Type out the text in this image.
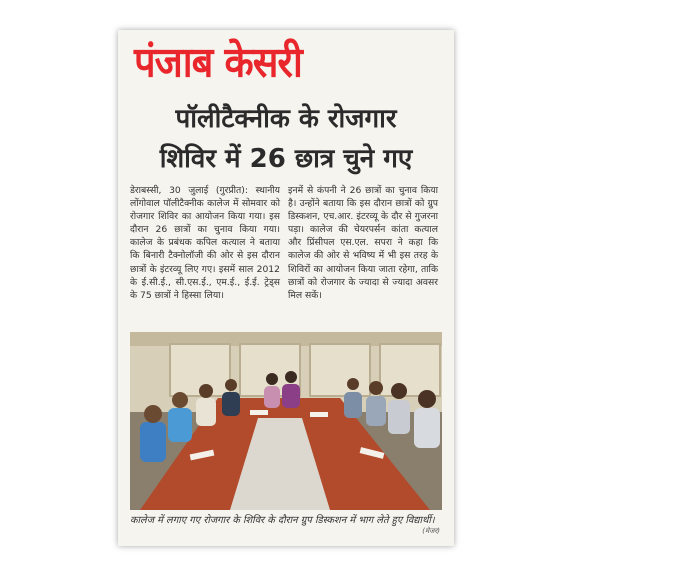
पंजाब केसरी
पॉलीटैक्नीक के रोजगार
शिविर में 26 छात्र चुने गए

डेराबस्सी, 30 जुलाई (गुरप्रीत): स्थानीय लोंगोवाल पॉलीटैक्नीक कालेज में सोमवार को रोजगार शिविर का आयोजन किया गया। इस दौरान 26 छात्रों का चुनाव किया गया। कालेज के प्रबंधक कपिल कत्याल ने बताया कि बिनारी टैक्नोलॉजी की ओर से इस दौरान छात्रों के इंटरव्यू लिए गए। इसमें साल 2012 के ई.सी.ई., सी.एस.ई., एम.ई., ई.ई. ट्रेड्स के 75 छात्रों ने हिस्सा लिया।

इनमें से कंपनी ने 26 छात्रों का चुनाव किया है। उन्होंने बताया कि इस दौरान छात्रों को ग्रुप डिस्कशन, एच.आर. इंटरव्यू के दौर से गुजरना पड़ा। कालेज की चेयरपर्सन कांता कत्याल और प्रिंसीपल एस.एल. सपरा ने कहा कि कालेज की ओर से भविष्य में भी इस तरह के शिविरों का आयोजन किया जाता रहेगा, ताकि छात्रों को रोजगार के ज्यादा से ज्यादा अवसर मिल सकें।

कालेज में लगाए गए रोजगार के शिविर के दौरान ग्रुप डिस्कशन में भाग लेते हुए विद्यार्थी।

(मेजर)
